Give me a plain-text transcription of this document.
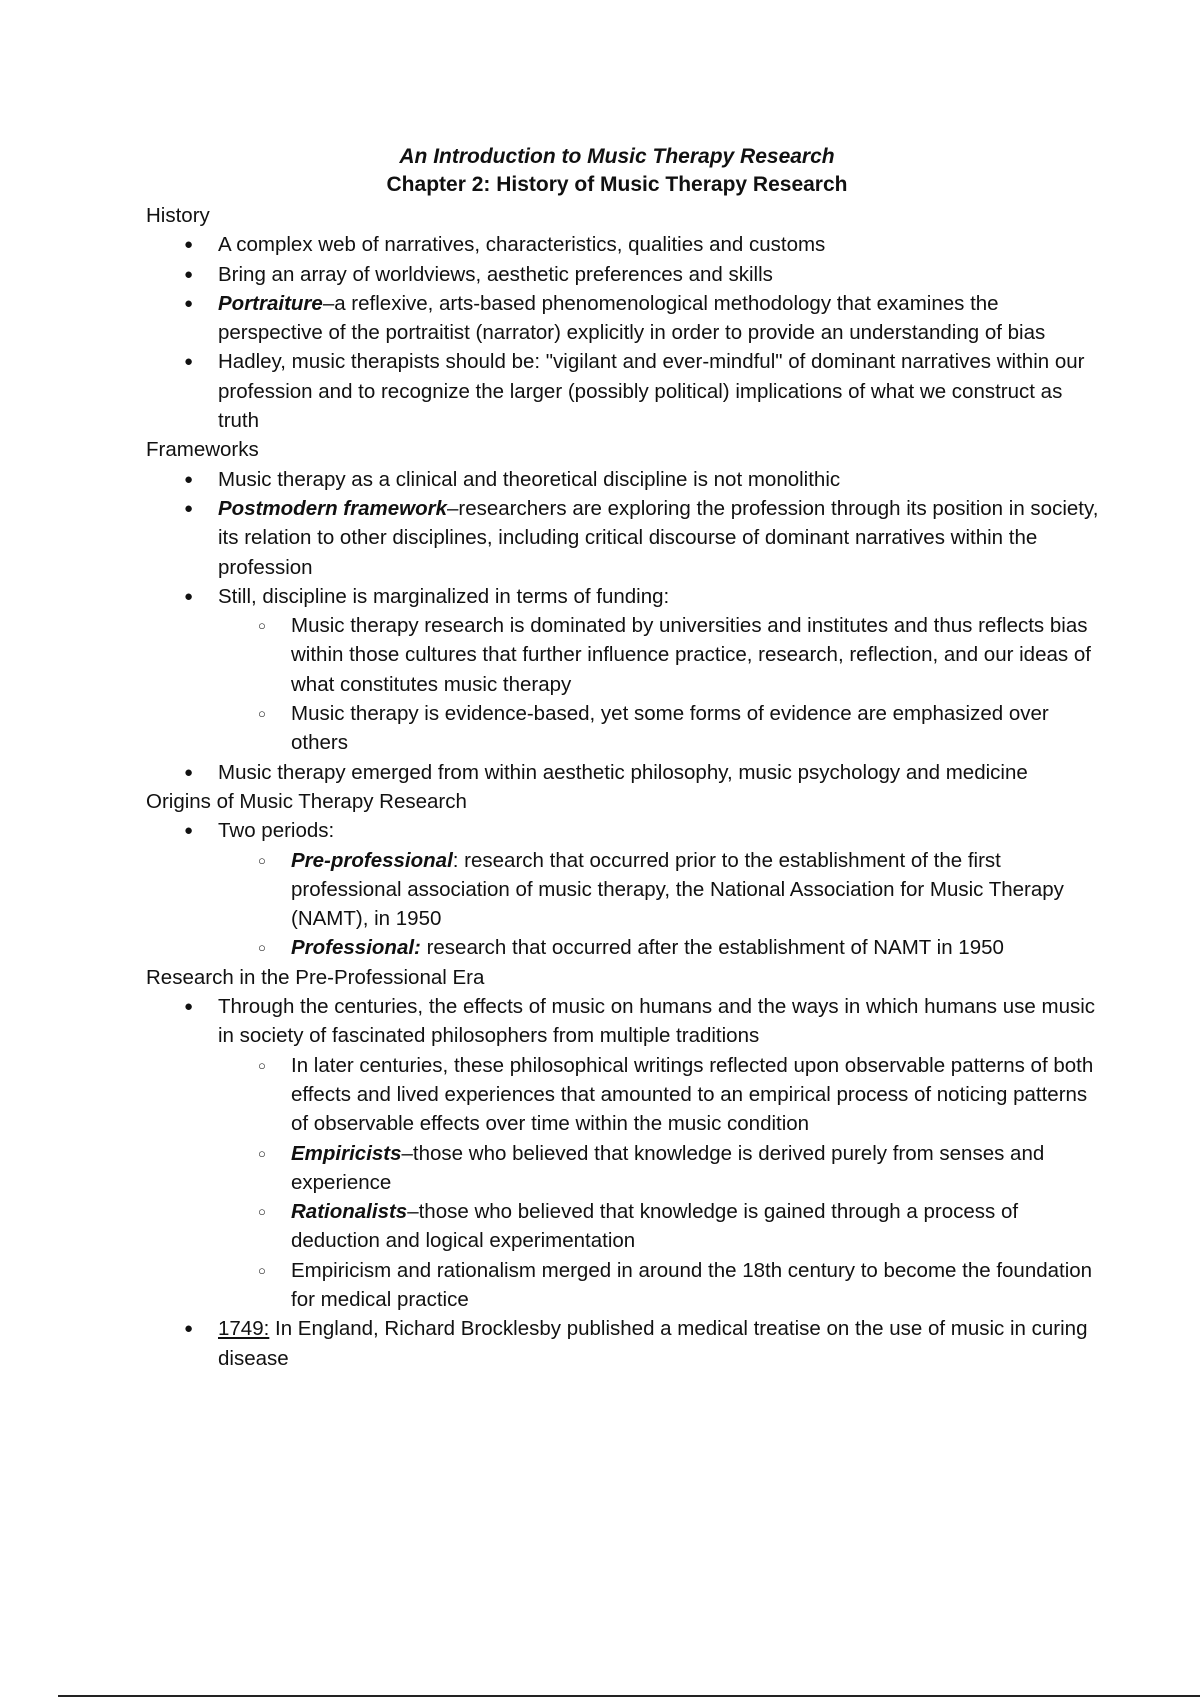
An Introduction to Music Therapy Research
Chapter 2: History of Music Therapy Research
History
● A complex web of narratives, characteristics, qualities and customs
● Bring an array of worldviews, aesthetic preferences and skills
● Portraiture–a reflexive, arts-based phenomenological methodology that examines the perspective of the portraitist (narrator) explicitly in order to provide an understanding of bias
● Hadley, music therapists should be: "vigilant and ever-mindful" of dominant narratives within our profession and to recognize the larger (possibly political) implications of what we construct as truth
Frameworks
● Music therapy as a clinical and theoretical discipline is not monolithic
● Postmodern framework–researchers are exploring the profession through its position in society, its relation to other disciplines, including critical discourse of dominant narratives within the profession
● Still, discipline is marginalized in terms of funding:
○ Music therapy research is dominated by universities and institutes and thus reflects bias within those cultures that further influence practice, research, reflection, and our ideas of what constitutes music therapy
○ Music therapy is evidence-based, yet some forms of evidence are emphasized over others
● Music therapy emerged from within aesthetic philosophy, music psychology and medicine
Origins of Music Therapy Research
● Two periods:
○ Pre-professional: research that occurred prior to the establishment of the first professional association of music therapy, the National Association for Music Therapy (NAMT), in 1950
○ Professional: research that occurred after the establishment of NAMT in 1950
Research in the Pre-Professional Era
● Through the centuries, the effects of music on humans and the ways in which humans use music in society of fascinated philosophers from multiple traditions
○ In later centuries, these philosophical writings reflected upon observable patterns of both effects and lived experiences that amounted to an empirical process of noticing patterns of observable effects over time within the music condition
○ Empiricists–those who believed that knowledge is derived purely from senses and experience
○ Rationalists–those who believed that knowledge is gained through a process of deduction and logical experimentation
○ Empiricism and rationalism merged in around the 18th century to become the foundation for medical practice
● 1749: In England, Richard Brocklesby published a medical treatise on the use of music in curing disease
